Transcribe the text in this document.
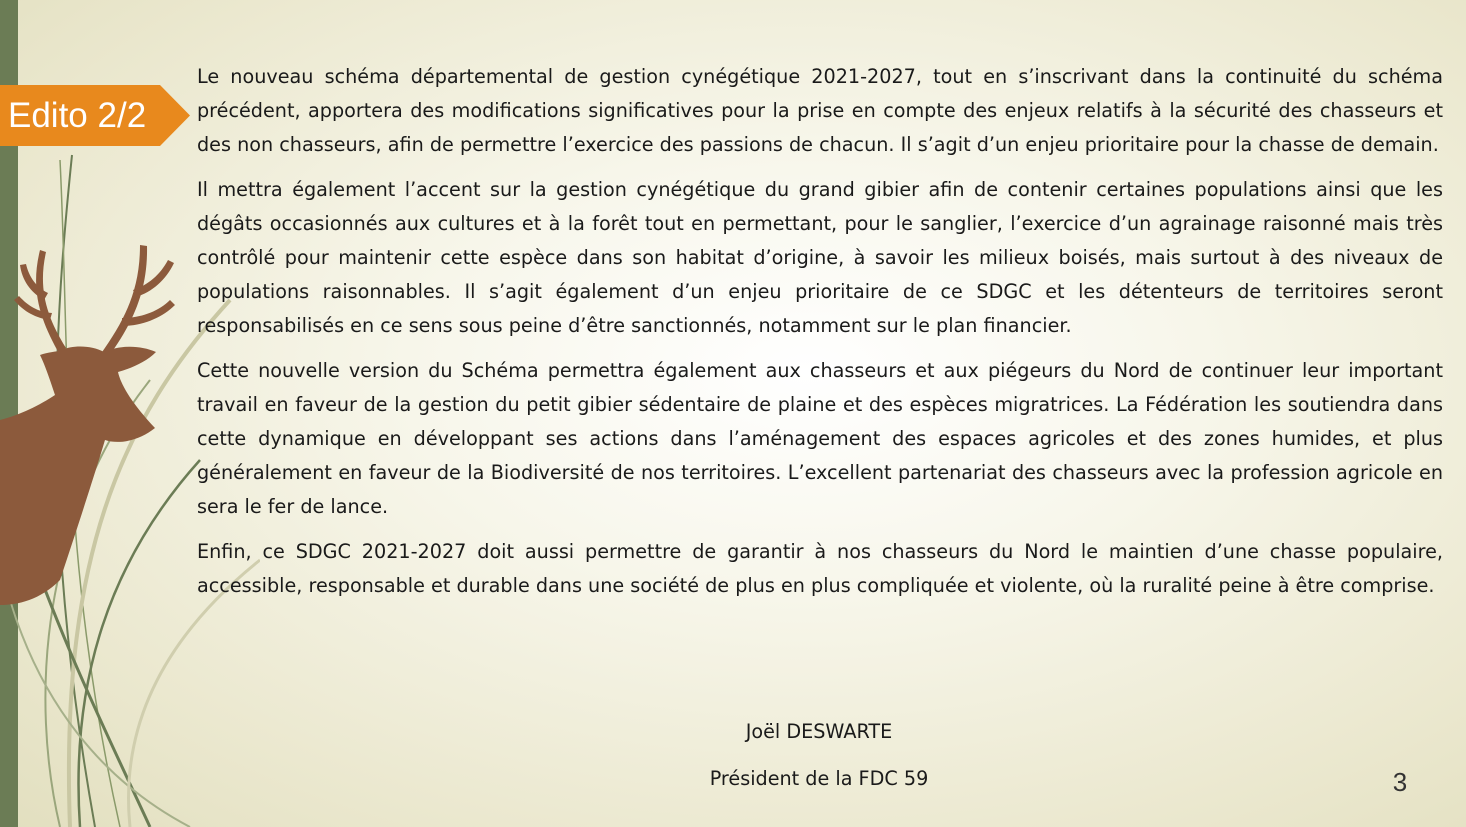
Edito 2/2

Le nouveau schéma départemental de gestion cynégétique 2021-2027, tout en s’inscrivant dans la continuité du schéma précédent, apportera des modifications significatives pour la prise en compte des enjeux relatifs à la sécurité des chasseurs et des non chasseurs, afin de permettre l’exercice des passions de chacun. Il s’agit d’un enjeu prioritaire pour la chasse de demain.

Il mettra également l’accent sur la gestion cynégétique du grand gibier afin de contenir certaines populations ainsi que les dégâts occasionnés aux cultures et à la forêt tout en permettant, pour le sanglier, l’exercice d’un agrainage raisonné mais très contrôlé pour maintenir cette espèce dans son habitat d’origine, à savoir les milieux boisés, mais surtout à des niveaux de populations raisonnables. Il s’agit également d’un enjeu prioritaire de ce SDGC et les détenteurs de territoires seront responsabilisés en ce sens sous peine d’être sanctionnés, notamment sur le plan financier.

Cette nouvelle version du Schéma permettra également aux chasseurs et aux piégeurs du Nord de continuer leur important travail en faveur de la gestion du petit gibier sédentaire de plaine et des espèces migratrices. La Fédération les soutiendra dans cette dynamique en développant ses actions dans l’aménagement des espaces agricoles et des zones humides, et plus généralement en faveur de la Biodiversité de nos territoires. L’excellent partenariat des chasseurs avec la profession agricole en sera le fer de lance.

Enfin, ce SDGC 2021-2027 doit aussi permettre de garantir à nos chasseurs du Nord le maintien d’une chasse populaire, accessible, responsable et durable dans une société de plus en plus compliquée et violente, où la ruralité peine à être comprise.

Joël DESWARTE
Président de la FDC 59	3
